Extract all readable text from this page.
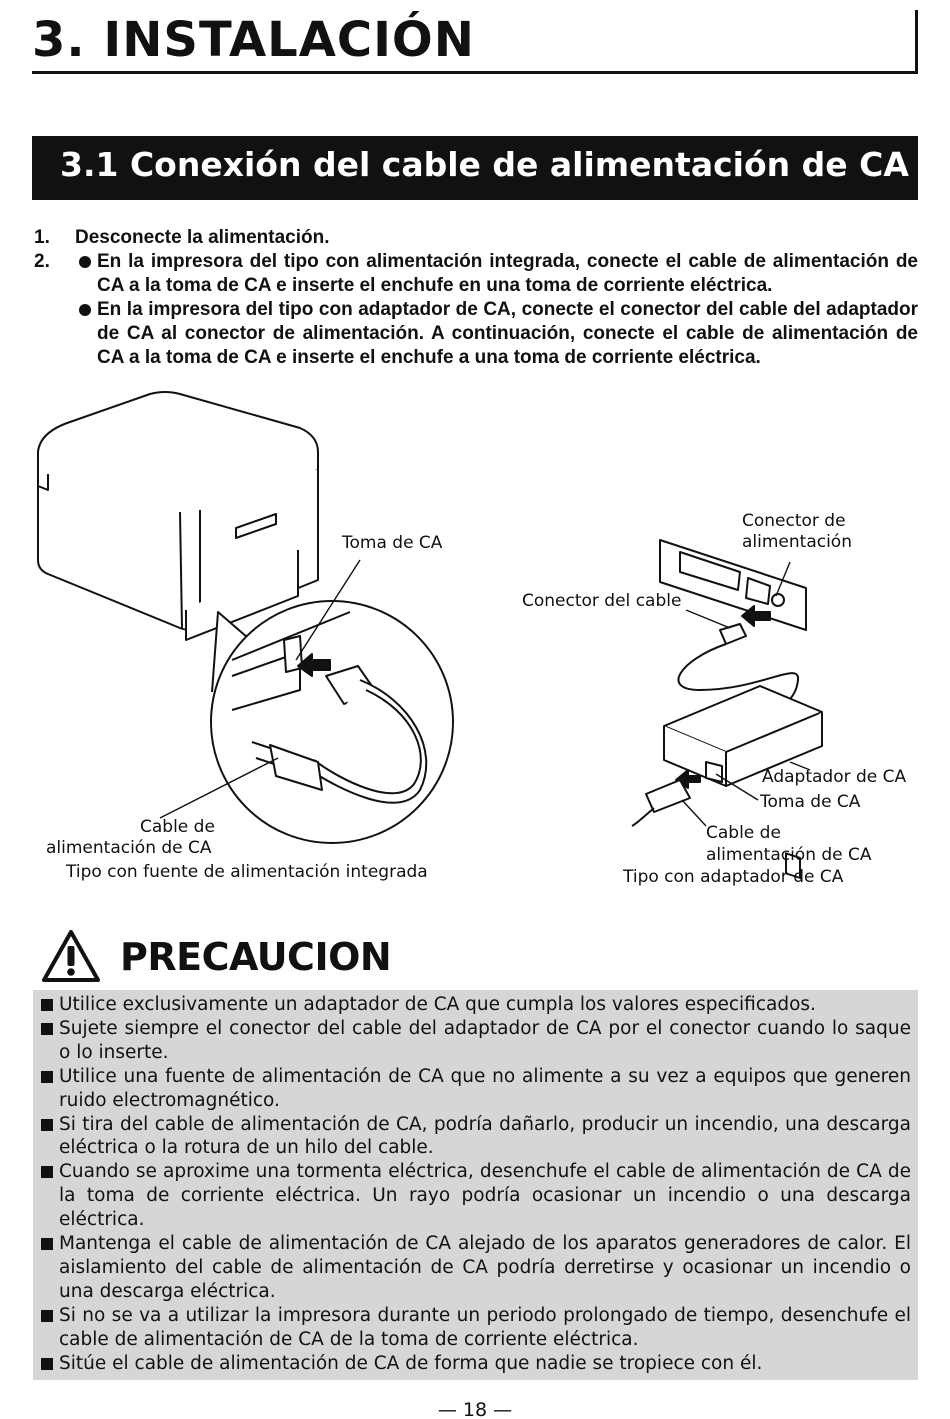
3. INSTALACIÓN
3.1 Conexión del cable de alimentación de CA
1. Desconecte la alimentación.
2.	En la impresora del tipo con alimentación integrada, conecte el cable de alimentación de CA a la toma de CA e inserte el enchufe en una toma de corriente eléctrica.
En la impresora del tipo con adaptador de CA, conecte el conector del cable del adaptador de CA al conector de alimentación. A continuación, conecte el cable de alimentación de CA a la toma de CA e inserte el enchufe a una toma de corriente eléctrica.
Toma de CA
Cable de
alimentación de CA
Tipo con fuente de alimentación integrada
Conector de
alimentación
Conector del cable
Adaptador de CA
Toma de CA
Cable de
alimentación de CA
Tipo con adaptador de CA
PRECAUCION
Utilice exclusivamente un adaptador de CA que cumpla los valores especificados.
Sujete siempre el conector del cable del adaptador de CA por el conector cuando lo saque o lo inserte.
Utilice una fuente de alimentación de CA que no alimente a su vez a equipos que generen ruido electromagnético.
Si tira del cable de alimentación de CA, podría dañarlo, producir un incendio, una descarga eléctrica o la rotura de un hilo del cable.
Cuando se aproxime una tormenta eléctrica, desenchufe el cable de alimentación de CA de la toma de corriente eléctrica. Un rayo podría ocasionar un incendio o una descarga eléctrica.
Mantenga el cable de alimentación de CA alejado de los aparatos generadores de calor. El aislamiento del cable de alimentación de CA podría derretirse y ocasionar un incendio o una descarga eléctrica.
Si no se va a utilizar la impresora durante un periodo prolongado de tiempo, desenchufe el cable de alimentación de CA de la toma de corriente eléctrica.
Sitúe el cable de alimentación de CA de forma que nadie se tropiece con él.
— 18 —
